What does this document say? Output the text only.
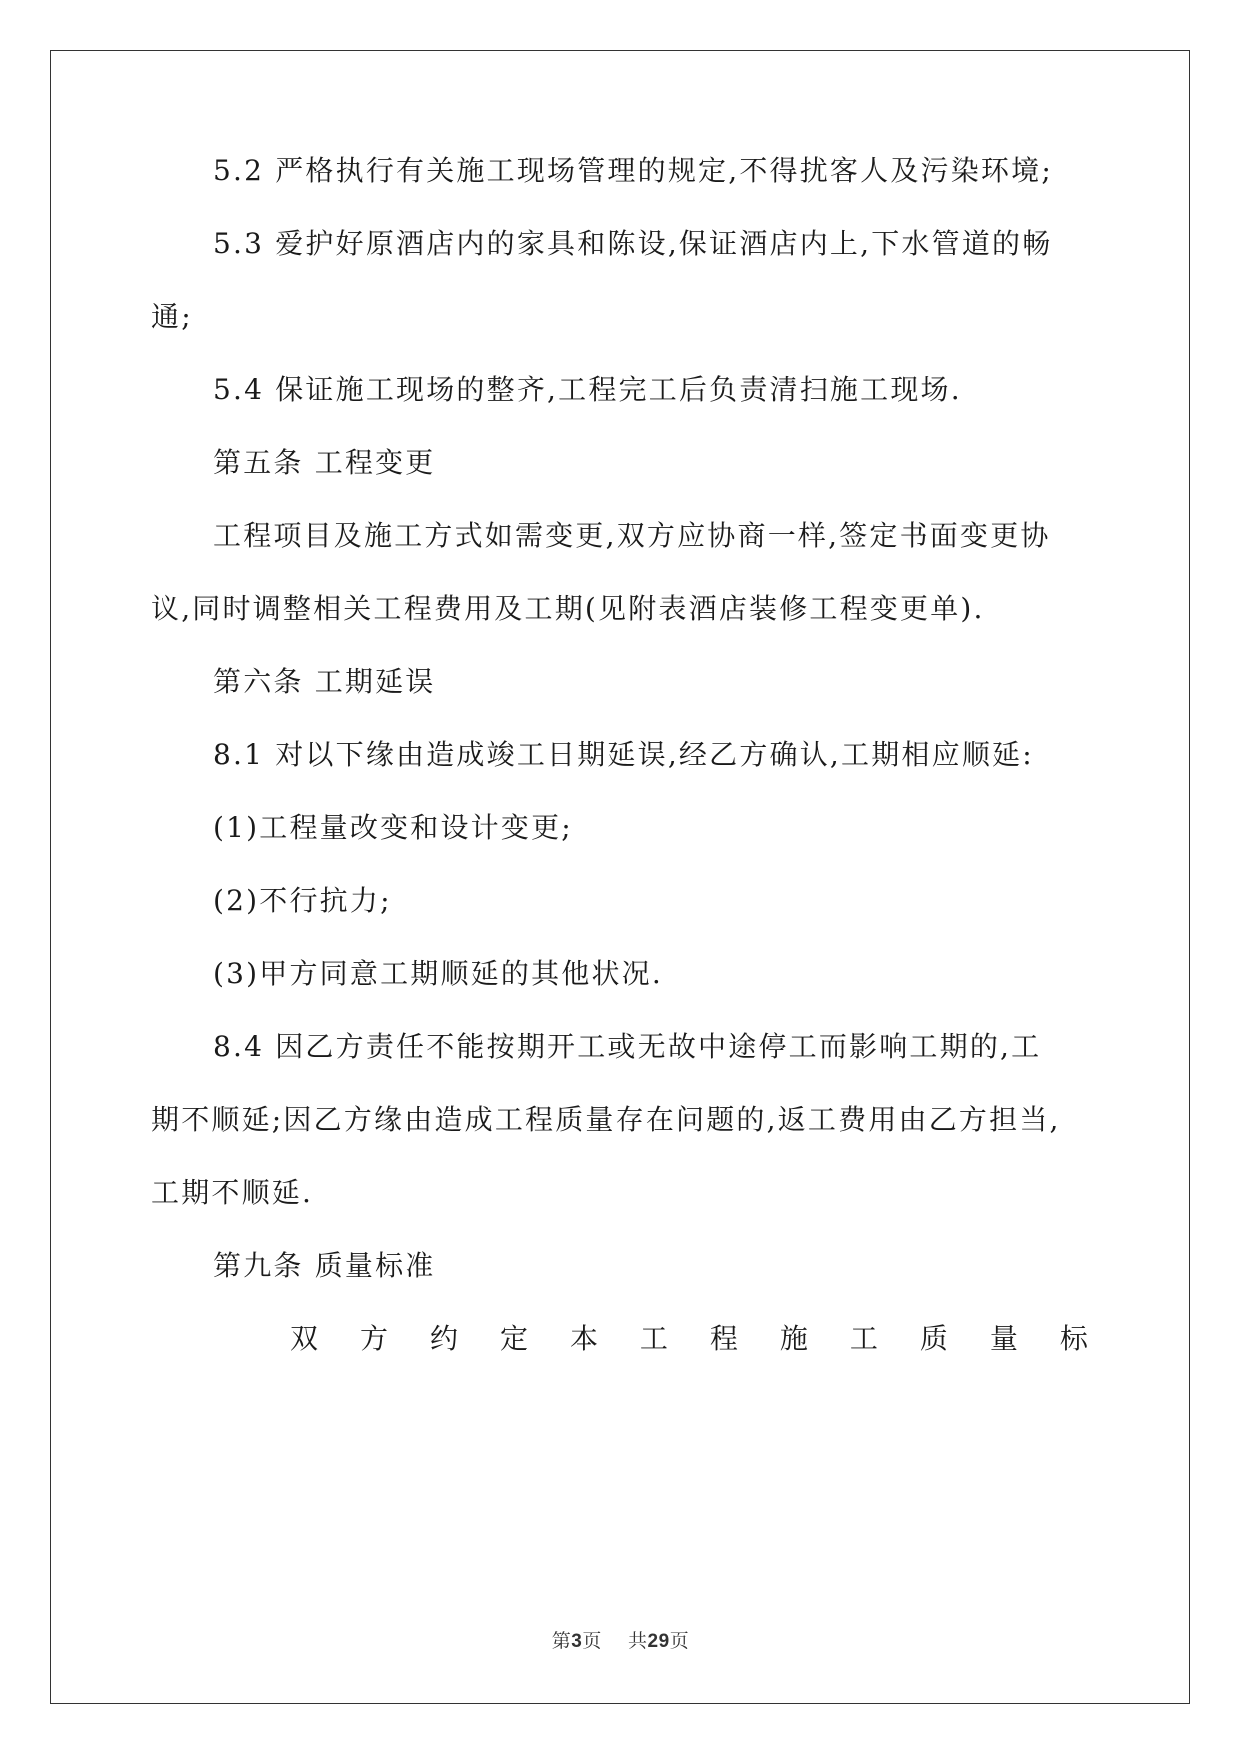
5.2 严格执行有关施工现场管理的规定,不得扰客人及污染环境;
5.3 爱护好原酒店内的家具和陈设,保证酒店内上,下水管道的畅
通;
5.4 保证施工现场的整齐,工程完工后负责清扫施工现场.
第五条 工程变更
工程项目及施工方式如需变更,双方应协商一样,签定书面变更协
议,同时调整相关工程费用及工期(见附表酒店装修工程变更单).
第六条 工期延误
8.1 对以下缘由造成竣工日期延误,经乙方确认,工期相应顺延:
(1)工程量改变和设计变更;
(2)不行抗力;
(3)甲方同意工期顺延的其他状况.
8.4 因乙方责任不能按期开工或无故中途停工而影响工期的,工
期不顺延;因乙方缘由造成工程质量存在问题的,返工费用由乙方担当,
工期不顺延.
第九条 质量标准
双 方 约 定 本 工 程 施 工 质 量 标
第3页    共29页
